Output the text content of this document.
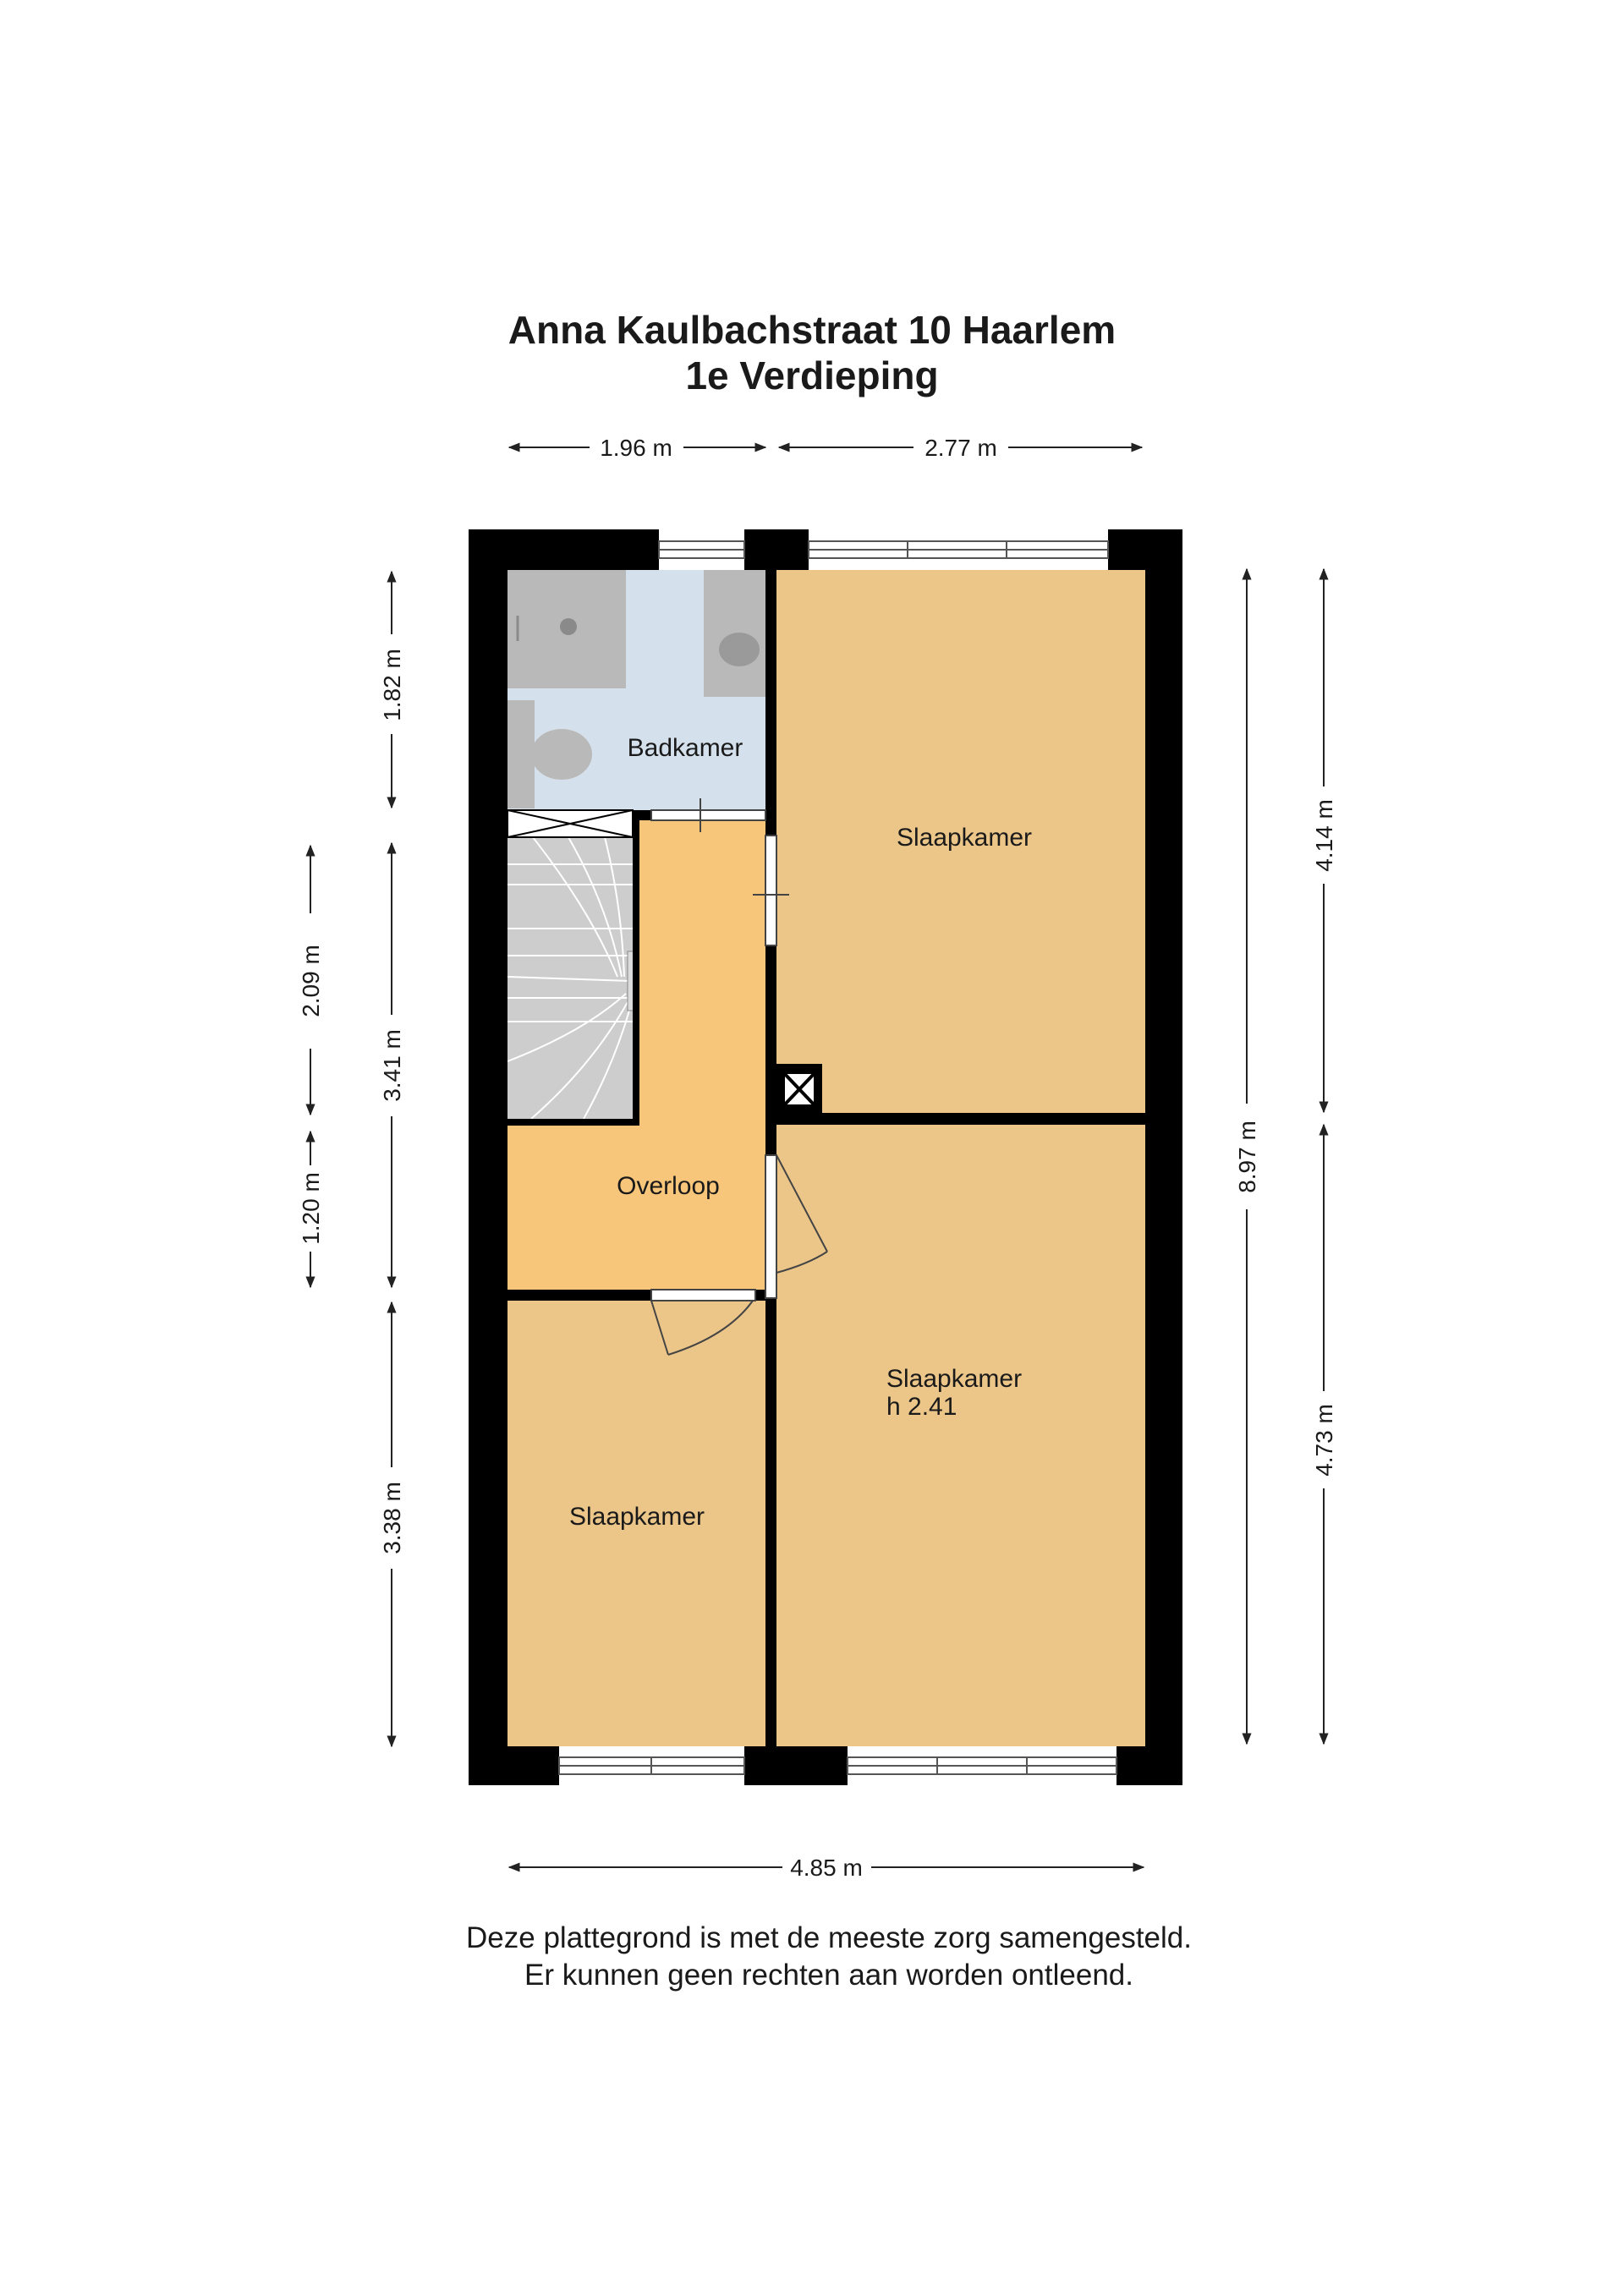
Anna Kaulbachstraat 10 Haarlem
1e Verdieping
1.96 m	2.77 m
4.85 m
2.09 m
1.20 m
1.82 m
3.41 m
3.38 m
8.97 m
4.14 m
4.73 m
Badkamer
Slaapkamer
Overloop
Slaapkamer
Slaapkamer
h 2.41
Deze plattegrond is met de meeste zorg samengesteld.
Er kunnen geen rechten aan worden ontleend.
